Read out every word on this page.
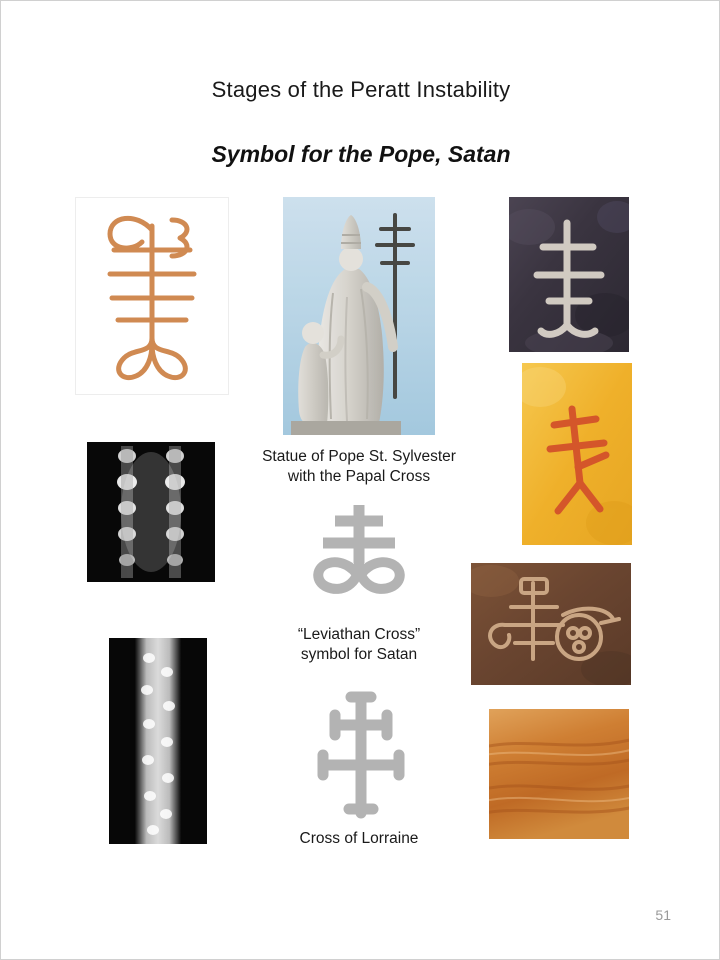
Stages of the Peratt Instability
Symbol for the Pope, Satan
Statue of Pope St. Sylvester
with the Papal Cross
“Leviathan Cross”
symbol for Satan
Cross of Lorraine
51
